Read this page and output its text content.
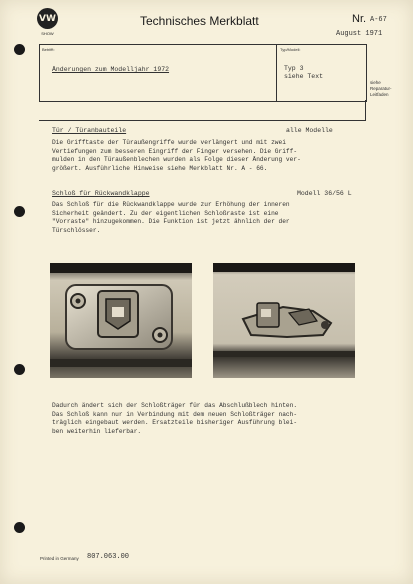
VW
SHOW
Technisches Merkblatt	Nr. A-67
August 1971
Betrifft:	Typ/Modell:
Änderungen zum Modelljahr 1972	Typ 3
siehe Text
siehe
Reparatur-
Leitfaden
Tür / Türanbauteile	alle Modelle
Die Grifftaste der Türaußengriffe wurde verlängert und mit zwei
Vertiefungen zum besseren Eingriff der Finger versehen. Die Griff-
mulden in den Türaußenblechen wurden als Folge dieser Änderung ver-
größert. Ausführliche Hinweise siehe Merkblatt Nr. A - 66.
Schloß für Rückwandklappe	Modell 36/56 L
Das Schloß für die Rückwandklappe wurde zur Erhöhung der inneren
Sicherheit geändert. Zu der eigentlichen Schloßraste ist eine
"Vorraste" hinzugekommen. Die Funktion ist jetzt ähnlich der der
Türschlösser.
Dadurch ändert sich der Schloßträger für das Abschlußblech hinten.
Das Schloß kann nur in Verbindung mit dem neuen Schloßträger nach-
träglich eingebaut werden. Ersatzteile bisheriger Ausführung blei-
ben weiterhin lieferbar.
Printed in Germany 807.063.00
